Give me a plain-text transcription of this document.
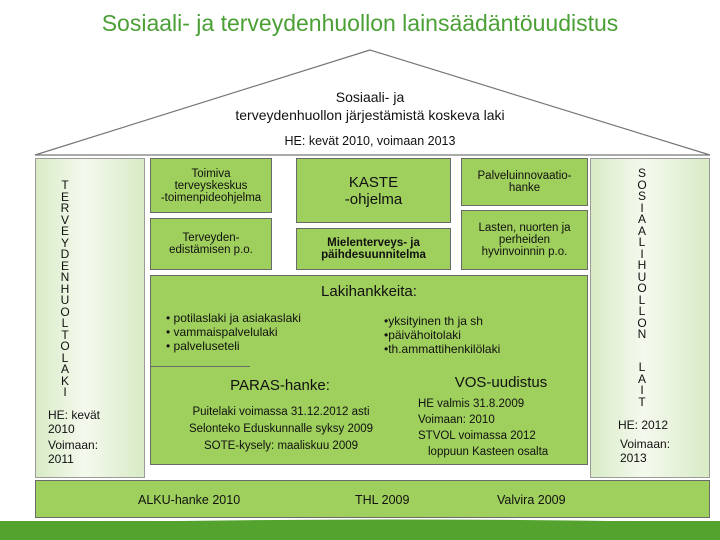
Sosiaali- ja terveydenhuollon lainsäädäntöuudistus
Sosiaali- ja
terveydenhuollon järjestämistä koskeva laki
HE: kevät 2010, voimaan 2013
T
E
R
V
E
Y
D
E
N
H
U
O
L
T
O
L
A
K
I
HE: kevät
2010
Voimaan:
2011
S
O
S
I
A
A
L
I
H
U
O
L
L
O
N
L
A
I
T
HE: 2012
Voimaan:
2013
Toimiva
terveyskeskus
-toimenpideohjelma
KASTE
-ohjelma
Palveluinnovaatio-
hanke
Terveyden-
edistämisen p.o.
Mielenterveys- ja
päihdesuunnitelma
Lasten, nuorten ja
perheiden
hyvinvoinnin p.o.
Lakihankkeita:
• potilaslaki ja asiakaslaki
• vammaispalvelulaki
• palveluseteli
•yksityinen th ja sh
•päivähoitolaki
•th.ammattihenkilölaki
PARAS-hanke:
Puitelaki voimassa 31.12.2012 asti
Selonteko Eduskunnalle syksy 2009
SOTE-kysely: maaliskuu 2009
VOS-uudistus
HE valmis 31.8.2009
Voimaan: 2010
STVOL voimassa 2012
loppuun Kasteen osalta
ALKU-hanke 2010	THL 2009	Valvira 2009
